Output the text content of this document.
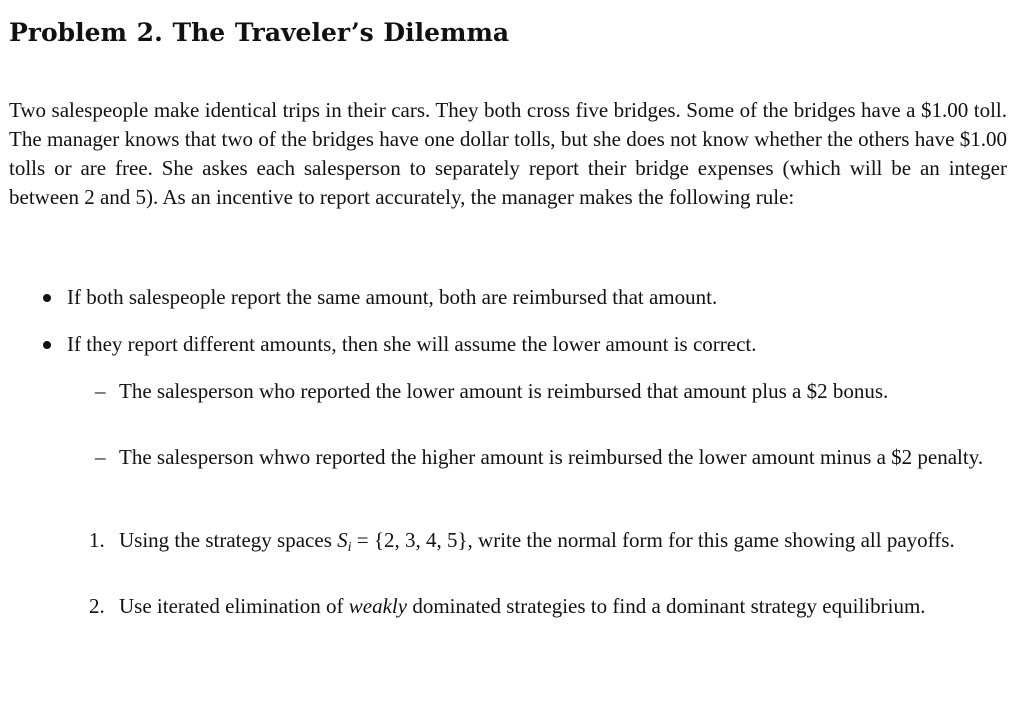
Problem 2. The Traveler’s Dilemma

Two salespeople make identical trips in their cars. They both cross five bridges. Some of the bridges have a $1.00 toll. The manager knows that two of the bridges have one dollar tolls, but she does not know whether the others have $1.00 tolls or are free. She askes each salesperson to separately report their bridge expenses (which will be an integer between 2 and 5). As an incentive to report accurately, the manager makes the following rule:

If both salespeople report the same amount, both are reimbursed that amount.
If they report different amounts, then she will assume the lower amount is correct.
– The salesperson who reported the lower amount is reimbursed that amount plus a $2 bonus.
– The salesperson whwo reported the higher amount is reimbursed the lower amount minus a $2 penalty.
1. Using the strategy spaces Si = {2, 3, 4, 5}, write the normal form for this game showing all payoffs.
2. Use iterated elimination of weakly dominated strategies to find a dominant strategy equilibrium.
